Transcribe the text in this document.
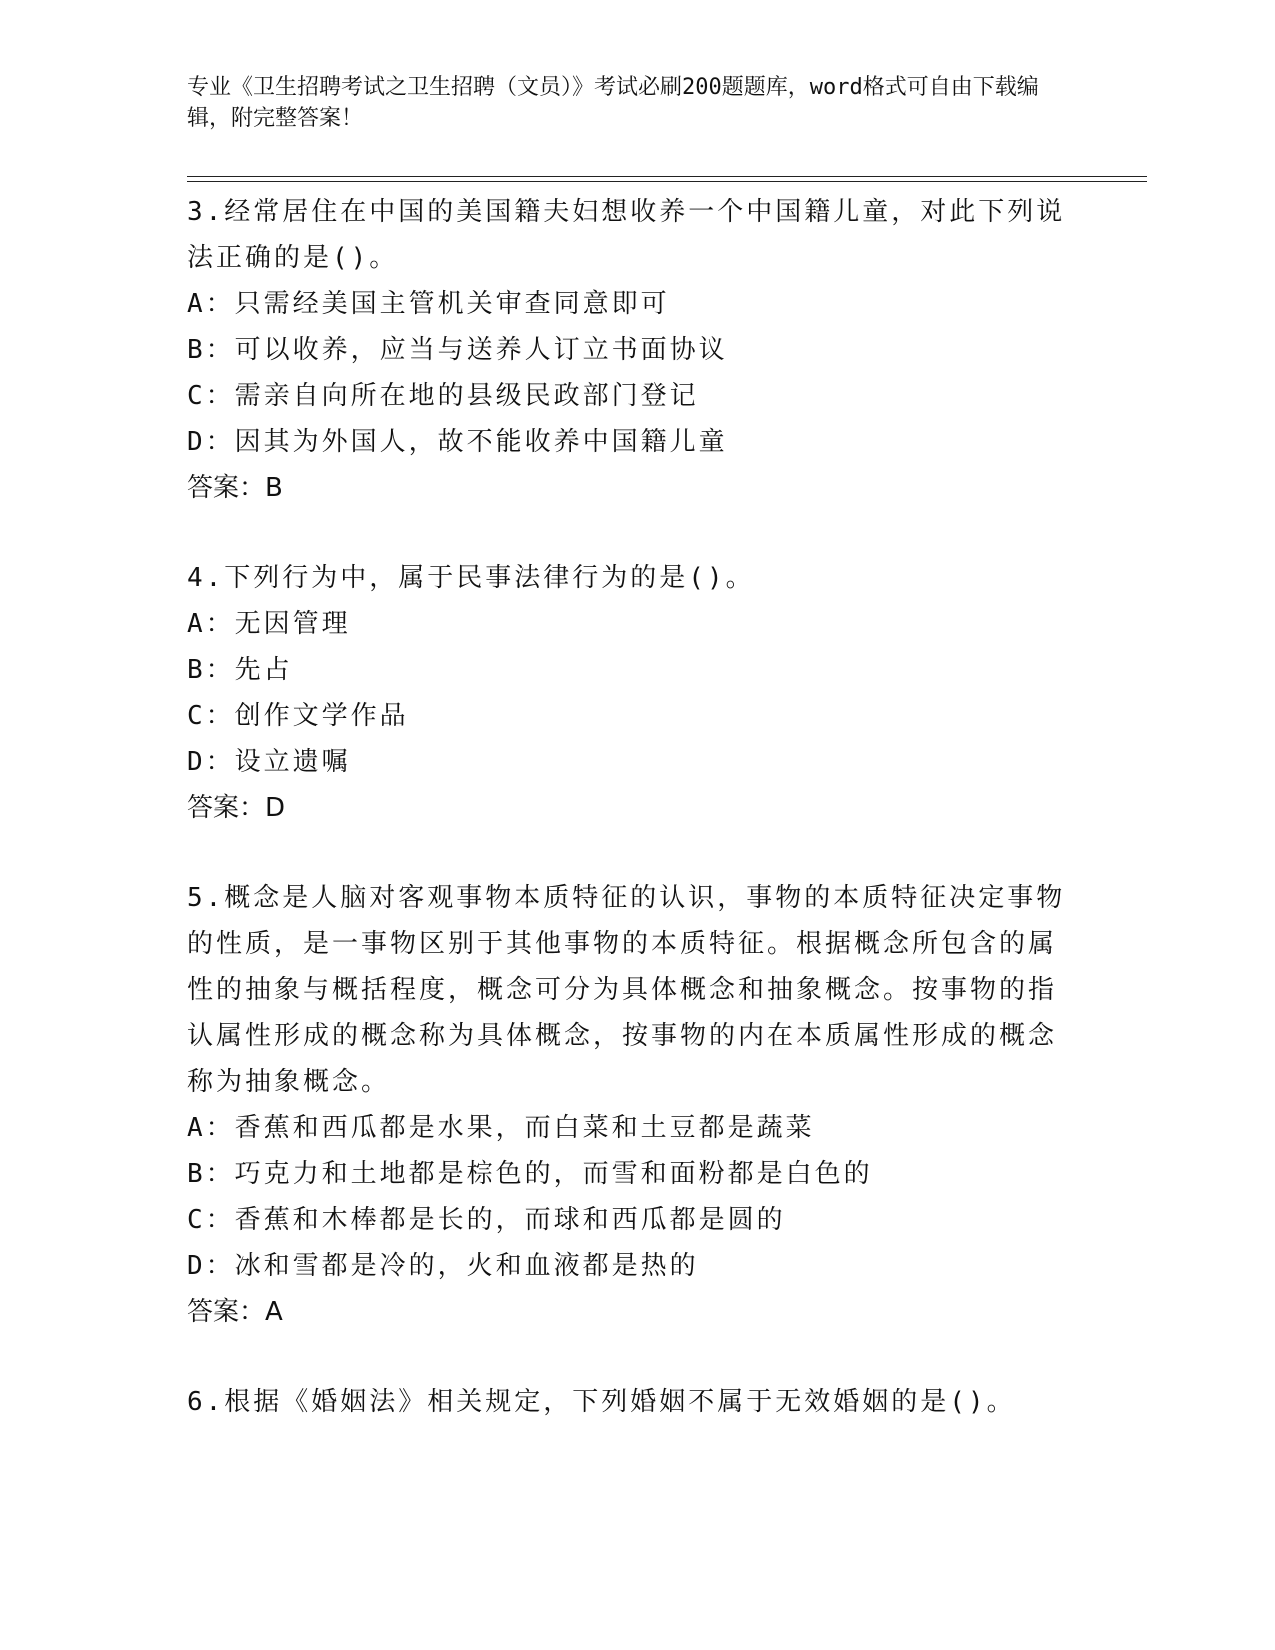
专业《卫生招聘考试之卫生招聘（文员）》考试必刷200题题库，word格式可自由下载编辑，附完整答案！

3.经常居住在中国的美国籍夫妇想收养一个中国籍儿童，对此下列说法正确的是()。

A：只需经美国主管机关审查同意即可

B：可以收养，应当与送养人订立书面协议

C：需亲自向所在地的县级民政部门登记

D：因其为外国人，故不能收养中国籍儿童

答案：B

4.下列行为中，属于民事法律行为的是()。

A：无因管理

B：先占

C：创作文学作品

D：设立遗嘱

答案：D

5.概念是人脑对客观事物本质特征的认识，事物的本质特征决定事物的性质，是一事物区别于其他事物的本质特征。根据概念所包含的属性的抽象与概括程度，概念可分为具体概念和抽象概念。按事物的指认属性形成的概念称为具体概念，按事物的内在本质属性形成的概念称为抽象概念。

A：香蕉和西瓜都是水果，而白菜和土豆都是蔬菜

B：巧克力和土地都是棕色的，而雪和面粉都是白色的

C：香蕉和木棒都是长的，而球和西瓜都是圆的

D：冰和雪都是冷的，火和血液都是热的

答案：A

6.根据《婚姻法》相关规定，下列婚姻不属于无效婚姻的是()。
